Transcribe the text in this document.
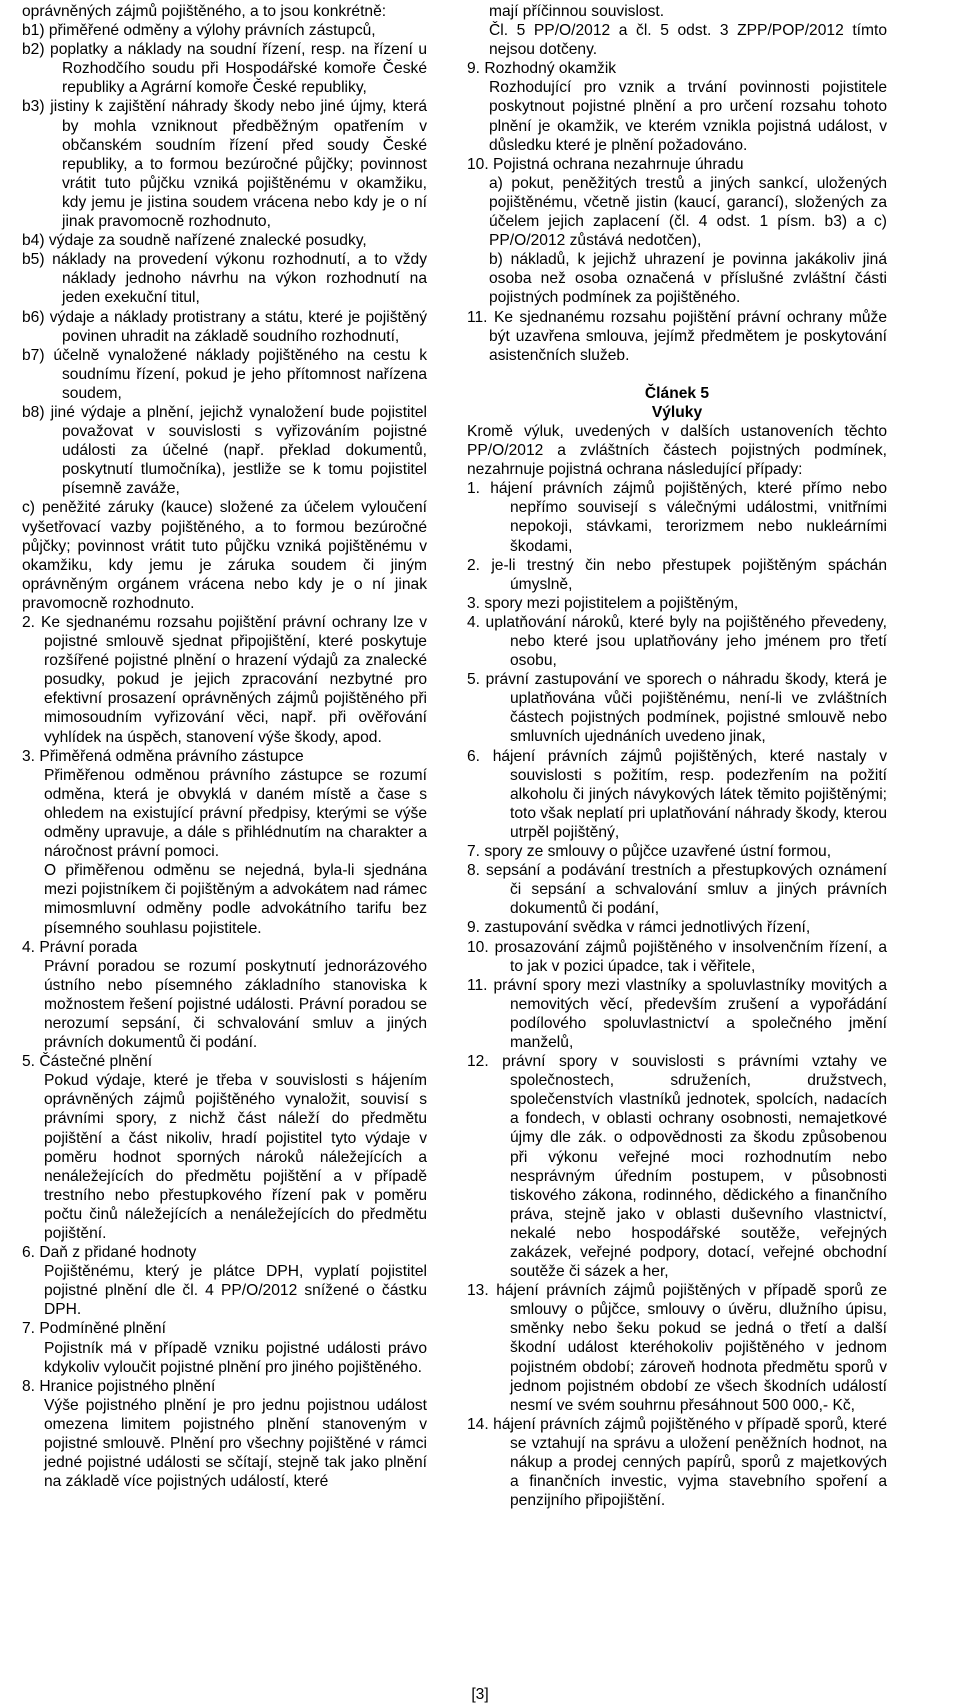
oprávněných zájmů pojištěného, a to jsou konkrétně:
b1) přiměřené odměny a výlohy právních zástupců,
b2) poplatky a náklady na soudní řízení, resp. na řízení u Rozhodčího soudu při Hospodářské komoře České republiky a Agrární komoře České republiky,
b3) jistiny k zajištění náhrady škody nebo jiné újmy, která by mohla vzniknout předběžným opatřením v občanském soudním řízení před soudy České republiky, a to formou bezúročné půjčky; povinnost vrátit tuto půjčku vzniká pojištěnému v okamžiku, kdy jemu je jistina soudem vrácena nebo kdy je o ní jinak pravomocně rozhodnuto,
b4) výdaje za soudně nařízené znalecké posudky,
b5) náklady na provedení výkonu rozhodnutí, a to vždy náklady jednoho návrhu na výkon rozhodnutí na jeden exekuční titul,
b6) výdaje a náklady protistrany a státu, které je pojištěný povinen uhradit na základě soudního rozhodnutí,
b7) účelně vynaložené náklady pojištěného na cestu k soudnímu řízení, pokud je jeho přítomnost nařízena soudem,
b8) jiné výdaje a plnění, jejichž vynaložení bude pojistitel považovat v souvislosti s vyřizováním pojistné události za účelné (např. překlad dokumentů, poskytnutí tlumočníka), jestliže se k tomu pojistitel písemně zaváže,
c) peněžité záruky (kauce) složené za účelem vyloučení vyšetřovací vazby pojištěného, a to formou bezúročné půjčky; povinnost vrátit tuto půjčku vzniká pojištěnému v okamžiku, kdy jemu je záruka soudem či jiným oprávněným orgánem vrácena nebo kdy je o ní jinak pravomocně rozhodnuto.
2. Ke sjednanému rozsahu pojištění právní ochrany lze v pojistné smlouvě sjednat připojištění, které poskytuje rozšířené pojistné plnění o hrazení výdajů za znalecké posudky, pokud je jejich zpracování nezbytné pro efektivní prosazení oprávněných zájmů pojištěného při mimosoudním vyřizování věci, např. při ověřování vyhlídek na úspěch, stanovení výše škody, apod.
3. Přiměřená odměna právního zástupce
Přiměřenou odměnou právního zástupce se rozumí odměna, která je obvyklá v daném místě a čase s ohledem na existující právní předpisy, kterými se výše odměny upravuje, a dále s přihlédnutím na charakter a náročnost právní pomoci.
O přiměřenou odměnu se nejedná, byla-li sjednána mezi pojistníkem či pojištěným a advokátem nad rámec mimosmluvní odměny podle advokátního tarifu bez písemného souhlasu pojistitele.
4. Právní porada
Právní poradou se rozumí poskytnutí jednorázového ústního nebo písemného základního stanoviska k možnostem řešení pojistné události. Právní poradou se nerozumí sepsání, či schvalování smluv a jiných právních dokumentů či podání.
5. Částečné plnění
Pokud výdaje, které je třeba v souvislosti s hájením oprávněných zájmů pojištěného vynaložit, souvisí s právními spory, z nichž část náleží do předmětu pojištění a část nikoliv, hradí pojistitel tyto výdaje v poměru hodnot sporných nároků náležejících a nenáležejících do předmětu pojištění a v případě trestního nebo přestupkového řízení pak v poměru počtu činů náležejících a nenáležejících do předmětu pojištění.
6. Daň z přidané hodnoty
Pojištěnému, který je plátce DPH, vyplatí pojistitel pojistné plnění dle čl. 4 PP/O/2012 snížené o částku DPH.
7. Podmíněné plnění
Pojistník má v případě vzniku pojistné události právo kdykoliv vyloučit pojistné plnění pro jiného pojištěného.
8. Hranice pojistného plnění
Výše pojistného plnění je pro jednu pojistnou událost omezena limitem pojistného plnění stanoveným v pojistné smlouvě. Plnění pro všechny pojištěné v rámci jedné pojistné události se sčítají, stejně tak jako plnění na základě více pojistných událostí, které
mají příčinnou souvislost.
Čl. 5 PP/O/2012 a čl. 5 odst. 3 ZPP/POP/2012 tímto nejsou dotčeny.
9. Rozhodný okamžik
Rozhodující pro vznik a trvání povinnosti pojistitele poskytnout pojistné plnění a pro určení rozsahu tohoto plnění je okamžik, ve kterém vznikla pojistná událost, v důsledku které je plnění požadováno.
10. Pojistná ochrana nezahrnuje úhradu
a) pokut, peněžitých trestů a jiných sankcí, uložených pojištěnému, včetně jistin (kaucí, garancí), složených za účelem jejich zaplacení (čl. 4 odst. 1 písm. b3) a c) PP/O/2012 zůstává nedotčen),
b) nákladů, k jejichž uhrazení je povinna jakákoliv jiná osoba než osoba označená v příslušné zvláštní části pojistných podmínek za pojištěného.
11. Ke sjednanému rozsahu pojištění právní ochrany může být uzavřena smlouva, jejímž předmětem je poskytování asistenčních služeb.
Článek 5
Výluky
Kromě výluk, uvedených v dalších ustanoveních těchto PP/O/2012 a zvláštních částech pojistných podmínek, nezahrnuje pojistná ochrana následující případy:
1. hájení právních zájmů pojištěných, které přímo nebo nepřímo souvisejí s válečnými událostmi, vnitřními nepokoji, stávkami, terorizmem nebo nukleárními škodami,
2. je-li trestný čin nebo přestupek pojištěným spáchán úmyslně,
3. spory mezi pojistitelem a pojištěným,
4. uplatňování nároků, které byly na pojištěného převedeny, nebo které jsou uplatňovány jeho jménem pro třetí osobu,
5. právní zastupování ve sporech o náhradu škody, která je uplatňována vůči pojištěnému, není-li ve zvláštních částech pojistných podmínek, pojistné smlouvě nebo smluvních ujednáních uvedeno jinak,
6. hájení právních zájmů pojištěných, které nastaly v souvislosti s požitím, resp. podezřením na požití alkoholu či jiných návykových látek těmito pojištěnými; toto však neplatí pri uplatňování náhrady škody, kterou utrpěl pojištěný,
7. spory ze smlouvy o půjčce uzavřené ústní formou,
8. sepsání a podávání trestních a přestupkových oznámení či sepsání a schvalování smluv a jiných právních dokumentů či podání,
9. zastupování svědka v rámci jednotlivých řízení,
10. prosazování zájmů pojištěného v insolvenčním řízení, a to jak v pozici úpadce, tak i věřitele,
11. právní spory mezi vlastníky a spoluvlastníky movitých a nemovitých věcí, především zrušení a vypořádání podílového spoluvlastnictví a společného jmění manželů,
12. právní spory v souvislosti s právními vztahy ve společnostech, sdruženích, družstvech, společenstvích vlastníků jednotek, spolcích, nadacích a fondech, v oblasti ochrany osobnosti, nemajetkové újmy dle zák. o odpovědnosti za škodu způsobenou při výkonu veřejné moci rozhodnutím nebo nesprávným úředním postupem, v působnosti tiskového zákona, rodinného, dědického a finančního práva, stejně jako v oblasti duševního vlastnictví, nekalé nebo hospodářské soutěže, veřejných zakázek, veřejné podpory, dotací, veřejné obchodní soutěže či sázek a her,
13. hájení právních zájmů pojištěných v případě sporů ze smlouvy o půjčce, smlouvy o úvěru, dlužního úpisu, směnky nebo šeku pokud se jedná o třetí a další škodní událost kteréhokoliv pojištěného v jednom pojistném období; zároveň hodnota předmětu sporů v jednom pojistném období ze všech škodních událostí nesmí ve svém souhrnu přesáhnout 500 000,- Kč,
14. hájení právních zájmů pojištěného v případě sporů, které se vztahují na správu a uložení peněžních hodnot, na nákup a prodej cenných papírů, sporů z majetkových a finančních investic, vyjma stavebního spoření a penzijního připojištění.
[3]
